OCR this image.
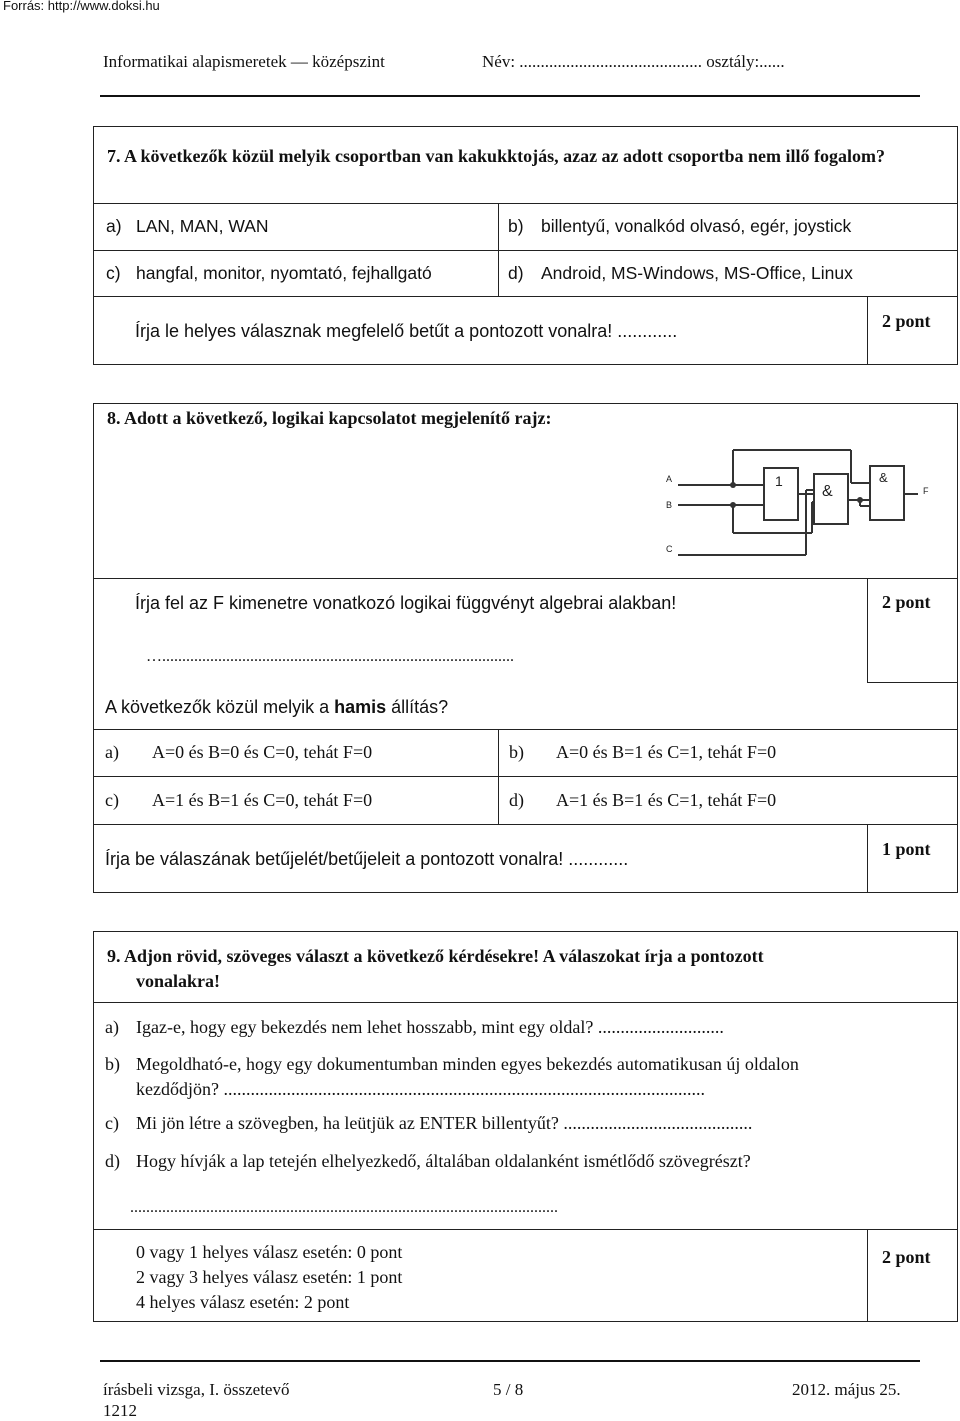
Forrás: http://www.doksi.hu
Informatikai alapismeretek — középszint	Név: ........................................... osztály:......
7. A következők közül melyik csoportban van kakukktojás, azaz az adott csoportba nem illő fogalom?
a) LAN, MAN, WAN	b) billentyű, vonalkód olvasó, egér, joystick
c) hangfal, monitor, nyomtató, fejhallgató	d) Android, MS-Windows, MS-Office, Linux
Írja le helyes válasznak megfelelő betűt a pontozott vonalra! ............	2 pont
8. Adott a következő, logikai kapcsolatot megjelenítő rajz:
A
B
C
1
&
&
F
Írja fel az F kimenetre vonatkozó logikai függvényt algebrai alakban!	2 pont
…........................................................................................
A következők közül melyik a hamis állítás?
a) A=0 és B=0 és C=0, tehát F=0	b) A=0 és B=1 és C=1, tehát F=0
c) A=1 és B=1 és C=0, tehát F=0	d) A=1 és B=1 és C=1, tehát F=0
Írja be válaszának betűjelét/betűjeleit a pontozott vonalra! ............	1 pont
9. Adjon rövid, szöveges választ a következő kérdésekre! A válaszokat írja a pontozott
vonalakra!
a) Igaz-e, hogy egy bekezdés nem lehet hosszabb, mint egy oldal? ............................
b) Megoldható-e, hogy egy dokumentumban minden egyes bekezdés automatikusan új oldalon
kezdődjön? ...........................................................................................................
c) Mi jön létre a szövegben, ha leütjük az ENTER billentyűt? ..........................................
d) Hogy hívják a lap tetején elhelyezkedő, általában oldalanként ismétlődő szövegrészt?
...........................................................................................................
0 vagy 1 helyes válasz esetén: 0 pont
2 vagy 3 helyes válasz esetén: 1 pont
4 helyes válasz esetén: 2 pont
2 pont
írásbeli vizsga, I. összetevő
1212
5 / 8	2012. május 25.
